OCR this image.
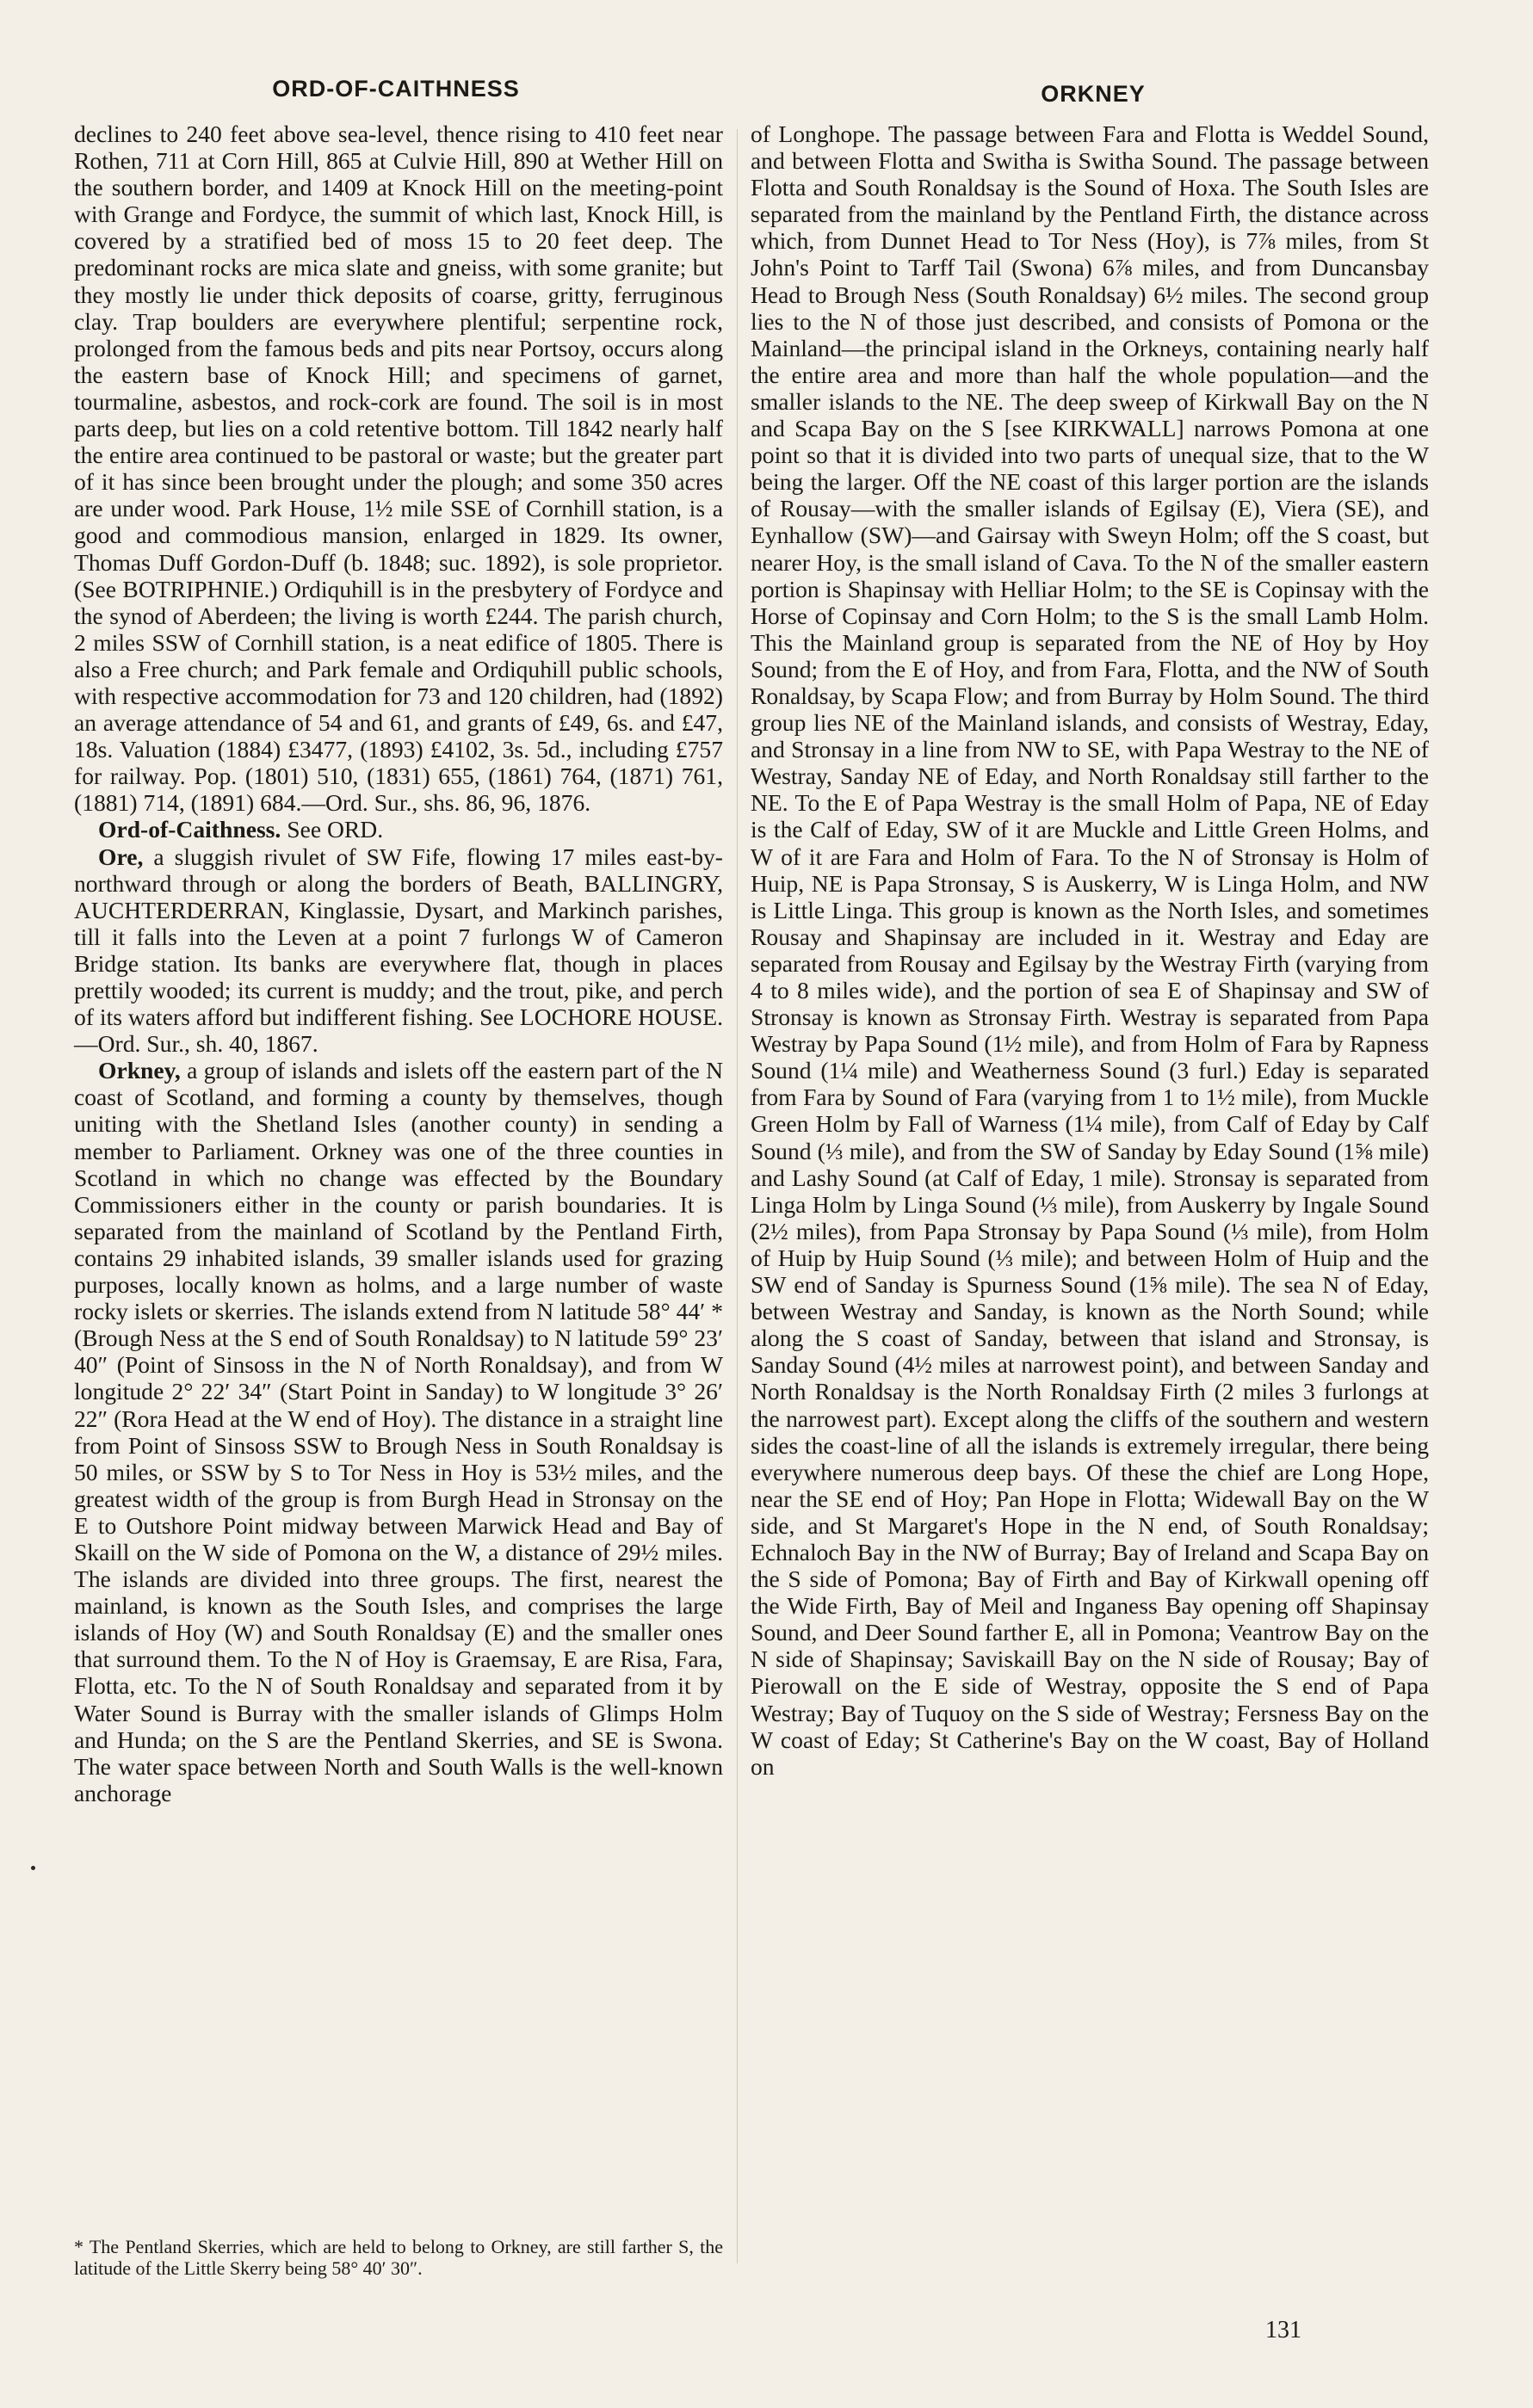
ORD-OF-CAITHNESS	ORKNEY

declines to 240 feet above sea-level, thence rising to 410 feet near Rothen, 711 at Corn Hill, 865 at Culvie Hill, 890 at Wether Hill on the southern border, and 1409 at Knock Hill on the meeting-point with Grange and Fordyce, the summit of which last, Knock Hill, is covered by a stratified bed of moss 15 to 20 feet deep. The predominant rocks are mica slate and gneiss, with some granite; but they mostly lie under thick deposits of coarse, gritty, ferruginous clay. Trap boulders are everywhere plentiful; serpentine rock, prolonged from the famous beds and pits near Portsoy, occurs along the eastern base of Knock Hill; and specimens of garnet, tourmaline, asbestos, and rock-cork are found. The soil is in most parts deep, but lies on a cold retentive bottom. Till 1842 nearly half the entire area continued to be pastoral or waste; but the greater part of it has since been brought under the plough; and some 350 acres are under wood. Park House, 1½ mile SSE of Cornhill station, is a good and commodious mansion, enlarged in 1829. Its owner, Thomas Duff Gordon-Duff (b. 1848; suc. 1892), is sole proprietor. (See BOTRIPHNIE.) Ordiquhill is in the presbytery of Fordyce and the synod of Aberdeen; the living is worth £244. The parish church, 2 miles SSW of Cornhill station, is a neat edifice of 1805. There is also a Free church; and Park female and Ordiquhill public schools, with respective accommodation for 73 and 120 children, had (1892) an average attendance of 54 and 61, and grants of £49, 6s. and £47, 18s. Valuation (1884) £3477, (1893) £4102, 3s. 5d., including £757 for railway. Pop. (1801) 510, (1831) 655, (1861) 764, (1871) 761, (1881) 714, (1891) 684.—Ord. Sur., shs. 86, 96, 1876.

Ord-of-Caithness. See ORD.

Ore, a sluggish rivulet of SW Fife, flowing 17 miles east-by-northward through or along the borders of Beath, BALLINGRY, AUCHTERDERRAN, Kinglassie, Dysart, and Markinch parishes, till it falls into the Leven at a point 7 furlongs W of Cameron Bridge station. Its banks are everywhere flat, though in places prettily wooded; its current is muddy; and the trout, pike, and perch of its waters afford but indifferent fishing. See LOCHORE HOUSE.—Ord. Sur., sh. 40, 1867.

Orkney, a group of islands and islets off the eastern part of the N coast of Scotland, and forming a county by themselves, though uniting with the Shetland Isles (another county) in sending a member to Parliament. Orkney was one of the three counties in Scotland in which no change was effected by the Boundary Commissioners either in the county or parish boundaries. It is separated from the mainland of Scotland by the Pentland Firth, contains 29 inhabited islands, 39 smaller islands used for grazing purposes, locally known as holms, and a large number of waste rocky islets or skerries. The islands extend from N latitude 58° 44′ * (Brough Ness at the S end of South Ronaldsay) to N latitude 59° 23′ 40″ (Point of Sinsoss in the N of North Ronaldsay), and from W longitude 2° 22′ 34″ (Start Point in Sanday) to W longitude 3° 26′ 22″ (Rora Head at the W end of Hoy). The distance in a straight line from Point of Sinsoss SSW to Brough Ness in South Ronaldsay is 50 miles, or SSW by S to Tor Ness in Hoy is 53½ miles, and the greatest width of the group is from Burgh Head in Stronsay on the E to Outshore Point midway between Marwick Head and Bay of Skaill on the W side of Pomona on the W, a distance of 29½ miles. The islands are divided into three groups. The first, nearest the mainland, is known as the South Isles, and comprises the large islands of Hoy (W) and South Ronaldsay (E) and the smaller ones that surround them. To the N of Hoy is Graemsay, E are Risa, Fara, Flotta, etc. To the N of South Ronaldsay and separated from it by Water Sound is Burray with the smaller islands of Glimps Holm and Hunda; on the S are the Pentland Skerries, and SE is Swona. The water space between North and South Walls is the well-known anchorage

* The Pentland Skerries, which are held to belong to Orkney, are still farther S, the latitude of the Little Skerry being 58° 40′ 30″.

of Longhope. The passage between Fara and Flotta is Weddel Sound, and between Flotta and Switha is Switha Sound. The passage between Flotta and South Ronaldsay is the Sound of Hoxa. The South Isles are separated from the mainland by the Pentland Firth, the distance across which, from Dunnet Head to Tor Ness (Hoy), is 7⅞ miles, from St John's Point to Tarff Tail (Swona) 6⅞ miles, and from Duncansbay Head to Brough Ness (South Ronaldsay) 6½ miles. The second group lies to the N of those just described, and consists of Pomona or the Mainland—the principal island in the Orkneys, containing nearly half the entire area and more than half the whole population—and the smaller islands to the NE. The deep sweep of Kirkwall Bay on the N and Scapa Bay on the S [see KIRKWALL] narrows Pomona at one point so that it is divided into two parts of unequal size, that to the W being the larger. Off the NE coast of this larger portion are the islands of Rousay—with the smaller islands of Egilsay (E), Viera (SE), and Eynhallow (SW)—and Gairsay with Sweyn Holm; off the S coast, but nearer Hoy, is the small island of Cava. To the N of the smaller eastern portion is Shapinsay with Helliar Holm; to the SE is Copinsay with the Horse of Copinsay and Corn Holm; to the S is the small Lamb Holm. This the Mainland group is separated from the NE of Hoy by Hoy Sound; from the E of Hoy, and from Fara, Flotta, and the NW of South Ronaldsay, by Scapa Flow; and from Burray by Holm Sound. The third group lies NE of the Mainland islands, and consists of Westray, Eday, and Stronsay in a line from NW to SE, with Papa Westray to the NE of Westray, Sanday NE of Eday, and North Ronaldsay still farther to the NE. To the E of Papa Westray is the small Holm of Papa, NE of Eday is the Calf of Eday, SW of it are Muckle and Little Green Holms, and W of it are Fara and Holm of Fara. To the N of Stronsay is Holm of Huip, NE is Papa Stronsay, S is Auskerry, W is Linga Holm, and NW is Little Linga. This group is known as the North Isles, and sometimes Rousay and Shapinsay are included in it. Westray and Eday are separated from Rousay and Egilsay by the Westray Firth (varying from 4 to 8 miles wide), and the portion of sea E of Shapinsay and SW of Stronsay is known as Stronsay Firth. Westray is separated from Papa Westray by Papa Sound (1½ mile), and from Holm of Fara by Rapness Sound (1¼ mile) and Weatherness Sound (3 furl.) Eday is separated from Fara by Sound of Fara (varying from 1 to 1½ mile), from Muckle Green Holm by Fall of Warness (1¼ mile), from Calf of Eday by Calf Sound (⅓ mile), and from the SW of Sanday by Eday Sound (1⅝ mile) and Lashy Sound (at Calf of Eday, 1 mile). Stronsay is separated from Linga Holm by Linga Sound (⅓ mile), from Auskerry by Ingale Sound (2½ miles), from Papa Stronsay by Papa Sound (⅓ mile), from Holm of Huip by Huip Sound (⅓ mile); and between Holm of Huip and the SW end of Sanday is Spurness Sound (1⅝ mile). The sea N of Eday, between Westray and Sanday, is known as the North Sound; while along the S coast of Sanday, between that island and Stronsay, is Sanday Sound (4½ miles at narrowest point), and between Sanday and North Ronaldsay is the North Ronaldsay Firth (2 miles 3 furlongs at the narrowest part). Except along the cliffs of the southern and western sides the coast-line of all the islands is extremely irregular, there being everywhere numerous deep bays. Of these the chief are Long Hope, near the SE end of Hoy; Pan Hope in Flotta; Widewall Bay on the W side, and St Margaret's Hope in the N end, of South Ronaldsay; Echnaloch Bay in the NW of Burray; Bay of Ireland and Scapa Bay on the S side of Pomona; Bay of Firth and Bay of Kirkwall opening off the Wide Firth, Bay of Meil and Inganess Bay opening off Shapinsay Sound, and Deer Sound farther E, all in Pomona; Veantrow Bay on the N side of Shapinsay; Saviskaill Bay on the N side of Rousay; Bay of Pierowall on the E side of Westray, opposite the S end of Papa Westray; Bay of Tuquoy on the S side of Westray; Fersness Bay on the W coast of Eday; St Catherine's Bay on the W coast, Bay of Holland on

131
